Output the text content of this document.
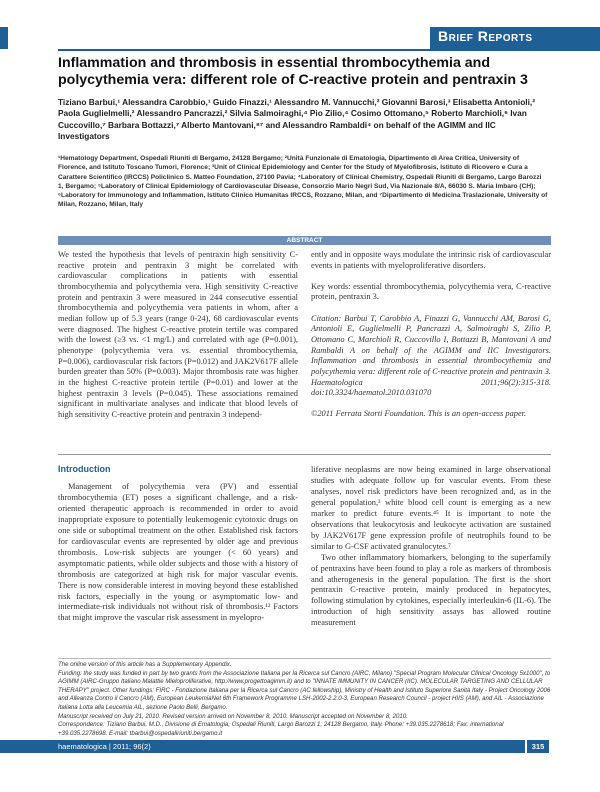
Brief Reports
Inflammation and thrombosis in essential thrombocythemia and polycythemia vera: different role of C-reactive protein and pentraxin 3
Tiziano Barbui,¹ Alessandra Carobbio,¹ Guido Finazzi,¹ Alessandro M. Vannucchi,² Giovanni Barosi,³ Elisabetta Antonioli,² Paola Guglielmelli,² Alessandro Pancrazzi,² Silvia Salmoiraghi,⁴ Pio Zilio,⁴ Cosimo Ottomano,⁵ Roberto Marchioli,⁶ Ivan Cuccovillo,⁷ Barbara Bottazzi,⁷ Alberto Mantovani,⁸⁷ and Alessandro Rambaldi⁴ on behalf of the AGIMM and IIC Investigators
¹Hematology Department, Ospedali Riuniti di Bergamo, 24128 Bergamo; ²Unità Funzionale di Ematologia, Dipartimento di Area Critica, University of Florence, and Istituto Toscano Tumori, Florence; ³Unit of Clinical Epidemiology and Center for the Study of Myelofibrosis, Istituto di Ricovero e Cura a Carattere Scientifico (IRCCS) Policlinico S. Matteo Foundation, 27100 Pavia; ⁴Laboratory of Clinical Chemistry, Ospedali Riuniti di Bergamo, Largo Barozzi 1, Bergamo; ⁵Laboratory of Clinical Epidemiology of Cardiovascular Disease, Consorzio Mario Negri Sud, Via Nazionale 8/A, 66030 S. Maria Imbaro (CH); ⁶Laboratory for Immunology and Inflammation, Istituto Clinico Humanitas IRCCS, Rozzano, Milan, and ⁷Dipartimento di Medicina Traslazionale, University of Milan, Rozzano, Milan, Italy
ABSTRACT
We tested the hypothesis that levels of pentraxin high sensitivity C-reactive protein and pentraxin 3 might be correlated with cardiovascular complications in patients with essential thrombocythemia and polycythemia vera. High sensitivity C-reactive protein and pentraxin 3 were measured in 244 consecutive essential thrombocythemia and polycythemia vera patients in whom, after a median follow up of 5.3 years (range 0-24), 68 cardiovascular events were diagnosed. The highest C-reactive protein tertile was compared with the lowest (≥3 vs. <1 mg/L) and correlated with age (P=0.001), phenotype (polycythemia vera vs. essential thrombocythemia, P=0.006), cardiovascular risk factors (P=0.012) and JAK2V617F allele burden greater than 50% (P=0.003). Major thrombosis rate was higher in the highest C-reactive protein tertile (P=0.01) and lower at the highest pentraxin 3 levels (P=0.045). These associations remained significant in multivariate analyses and indicate that blood levels of high sensitivity C-reactive protein and pentraxin 3 independ-

ently and in opposite ways modulate the intrinsic risk of cardiovascular events in patients with myeloproliferative disorders.

Key words: essential thrombocythemia, polycythemia vera, C-reactive protein, pentraxin 3.

Citation: Barbui T, Carobbio A, Finazzi G, Vannucchi AM, Barosi G, Antonioli E, Guglielmelli P, Pancrazzi A, Salmoiraghi S, Zilio P, Ottomano C, Marchioli R, Cuccovillo I, Bottazzi B, Mantovani A and Rambaldi A on behalf of the AGIMM and IIC Investigators. Inflammation and thrombosis in essential thrombocythemia and polycythemia vera: different role of C-reactive protein and pentraxin 3. Haematologica 2011;96(2):315-318. doi:10.3324/haematol.2010.031070

©2011 Ferrata Storti Foundation. This is an open-access paper.

Introduction
Management of polycythemia vera (PV) and essential thrombocythemia (ET) poses a significant challenge, and a risk-oriented therapeutic approach is recommended in order to avoid inappropriate exposure to potentially leukemogenic cytotoxic drugs on one side or suboptimal treatment on the other. Established risk factors for cardiovascular events are represented by older age and previous thrombosis. Low-risk subjects are younger (< 60 years) and asymptomatic patients, while older subjects and those with a history of thrombosis are categorized at high risk for major vascular events. There is now considerable interest in moving beyond these established risk factors, especially in the young or asymptomatic low- and intermediate-risk individuals not without risk of thrombosis.¹² Factors that might improve the vascular risk assessment in myelopro-

liferative neoplasms are now being examined in large observational studies with adequate follow up for vascular events. From these analyses, novel risk predictors have been recognized and, as in the general population,³ white blood cell count is emerging as a new marker to predict future events.⁴⁵ It is important to note the observations that leukocytosis and leukocyte activation are sustained by JAK2V617F gene expression profile of neutrophils found to be similar to G-CSF activated granulocytes.⁷

Two other inflammatory biomarkers, belonging to the superfamily of pentraxins have been found to play a role as markers of thrombosis and atherogenesis in the general population. The first is the short pentraxin C-reactive protein, mainly produced in hepatocytes, following stimulation by cytokines, especially interleukin-6 (IL-6). The introduction of high sensitivity assays has allowed routine measurement

The online version of this article has a Supplementary Appendix.

Funding: the study was funded in part by two grants from the Associazione Italiana per la Ricerca sul Cancro (AIRC, Milano) "Special Program Molecular Clinical Oncology 5x1000", to AGIMM (AIRC-Gruppo Italiano Malattie Mieloproliferative, http://www.progettoagimm.it) and to "INNATE IMMUNITY IN CANCER (IIC). MOLECULAR TARGETING AND CELLULAR THERAPY" project. Other fundings: FIRC - Fondazione Italiana per la Ricerca sul Cancro (AC fellowship), Ministry of Health and Istituto Superiore Sanità Italy - Project Oncology 2006 and Alleanza Contro il Cancro (AM), European LeukemiaNet 6th Framework Programme LSH-2002-2.2.0-3, European Research Council - project HIIS (AM), and AIL - Associazione Italiana Lotta alla Leucemia AIL, sezione Paolo Belli, Bergamo.

Manuscript received on July 21, 2010. Revised version arrived on November 8, 2010. Manuscript accepted on November 8, 2010.

Correspondence: Tiziano Barbui, M.D., Divisione di Ematologia, Ospedali Riuniti, Largo Barozzi 1, 24128 Bergamo, Italy. Phone: +39.035.2278618; Fax: international +39.035.2278698. E-mail: tbarbui@ospedaliriuniti.bergamo.it

haematologica | 2011; 96(2)	315
